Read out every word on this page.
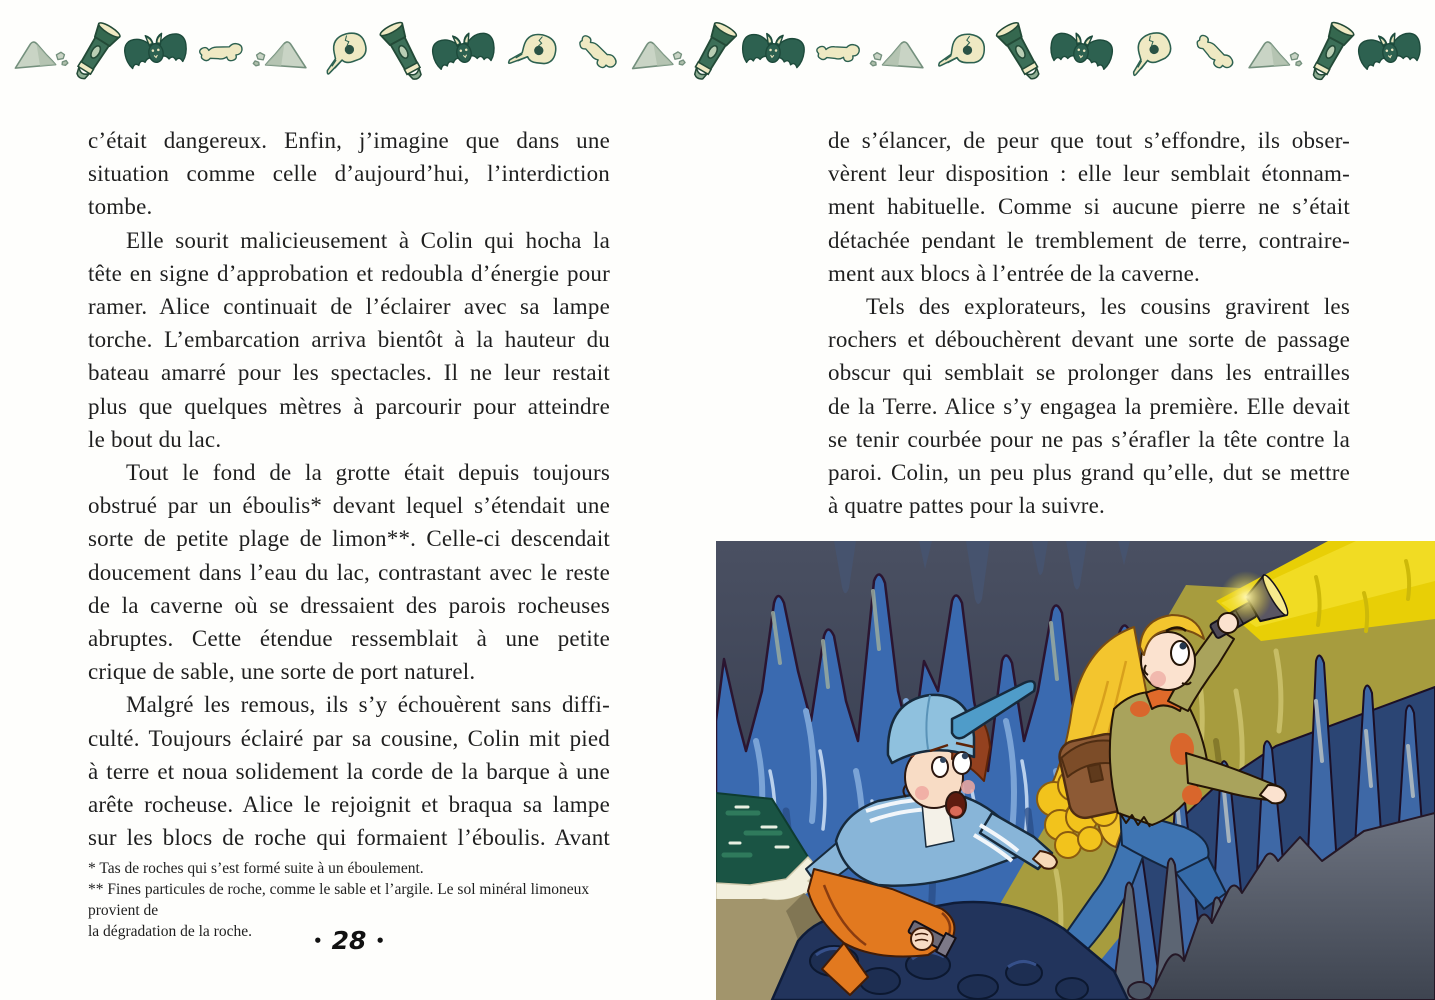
c’était dangereux. Enfin, j’imagine que dans une
situation comme celle d’aujourd’hui, l’interdiction
tombe.
Elle sourit malicieusement à Colin qui hocha la
tête en signe d’approbation et redoubla d’énergie pour
ramer. Alice continuait de l’éclairer avec sa lampe
torche. L’embarcation arriva bientôt à la hauteur du
bateau amarré pour les spectacles. Il ne leur restait
plus que quelques mètres à parcourir pour atteindre
le bout du lac.
Tout le fond de la grotte était depuis toujours
obstrué par un éboulis* devant lequel s’étendait une
sorte de petite plage de limon**. Celle-ci descendait
doucement dans l’eau du lac, contrastant avec le reste
de la caverne où se dressaient des parois rocheuses
abruptes. Cette étendue ressemblait à une petite
crique de sable, une sorte de port naturel.
Malgré les remous, ils s’y échouèrent sans diffi-
culté. Toujours éclairé par sa cousine, Colin mit pied
à terre et noua solidement la corde de la barque à une
arête rocheuse. Alice le rejoignit et braqua sa lampe
sur les blocs de roche qui formaient l’éboulis. Avant
de s’élancer, de peur que tout s’effondre, ils obser-
vèrent leur disposition : elle leur semblait étonnam-
ment habituelle. Comme si aucune pierre ne s’était
détachée pendant le tremblement de terre, contraire-
ment aux blocs à l’entrée de la caverne.
Tels des explorateurs, les cousins gravirent les
rochers et débouchèrent devant une sorte de passage
obscur qui semblait se prolonger dans les entrailles
de la Terre. Alice s’y engagea la première. Elle devait
se tenir courbée pour ne pas s’érafler la tête contre la
paroi. Colin, un peu plus grand qu’elle, dut se mettre
à quatre pattes pour la suivre.
* Tas de roches qui s’est formé suite à un éboulement.
** Fines particules de roche, comme le sable et l’argile. Le sol minéral limoneux provient de
la dégradation de la roche.
• 28 •
